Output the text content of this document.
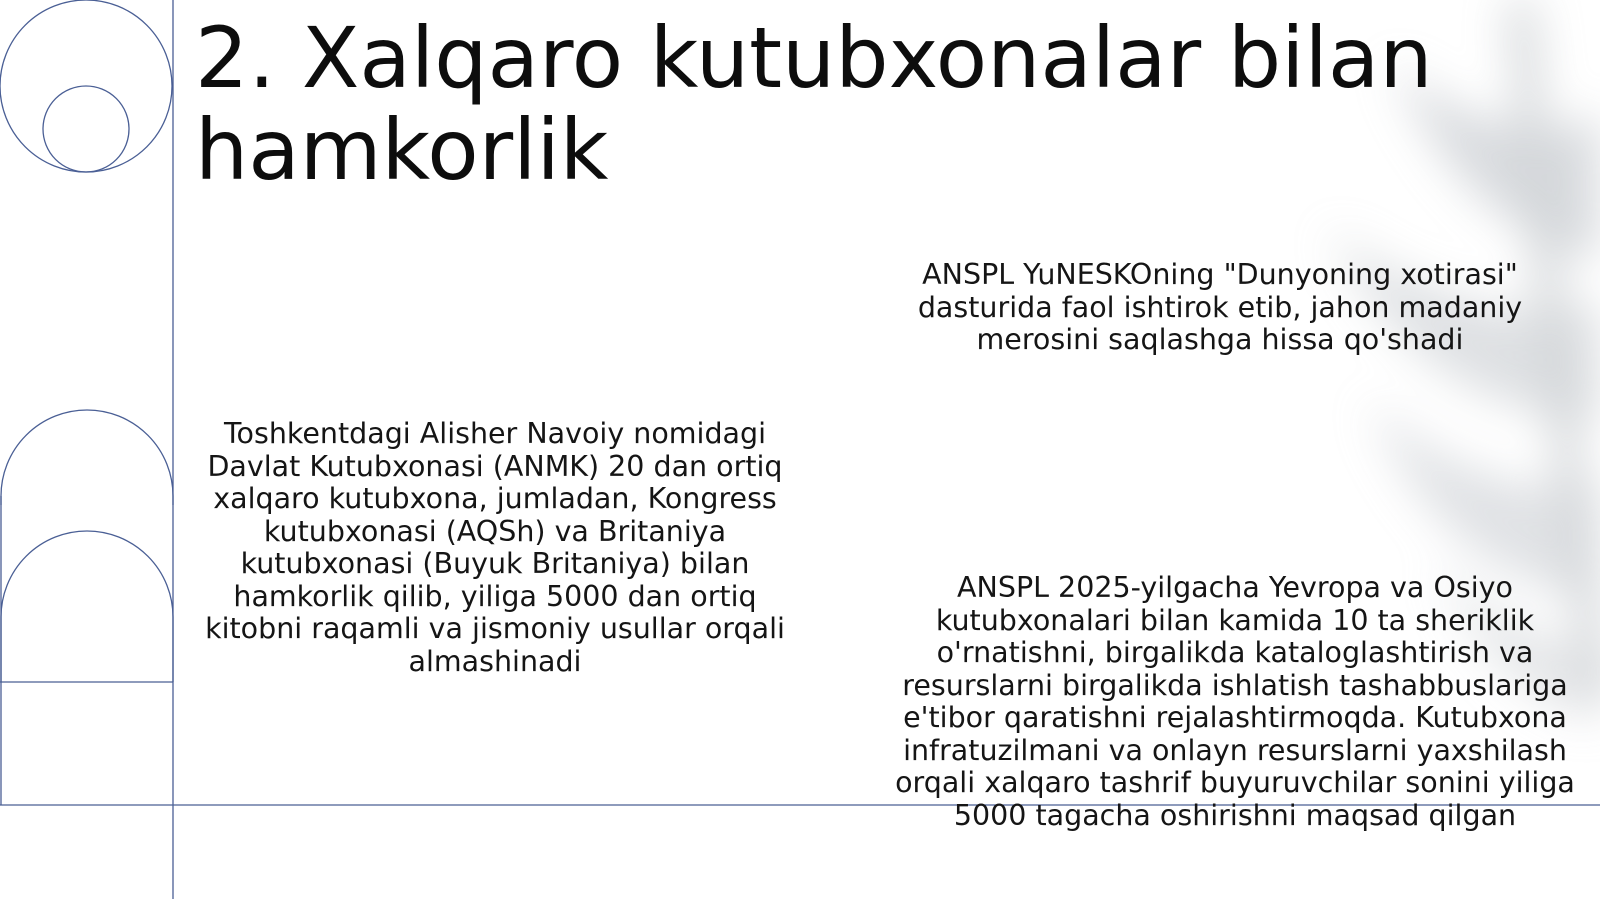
2. Xalqaro kutubxonalar bilan hamkorlik

ANSPL YuNESKOning "Dunyoning xotirasi" dasturida faol ishtirok etib, jahon madaniy merosini saqlashga hissa qo'shadi

Toshkentdagi Alisher Navoiy nomidagi Davlat Kutubxonasi (ANMK) 20 dan ortiq xalqaro kutubxona, jumladan, Kongress kutubxonasi (AQSh) va Britaniya kutubxonasi (Buyuk Britaniya) bilan hamkorlik qilib, yiliga 5000 dan ortiq kitobni raqamli va jismoniy usullar orqali almashinadi

ANSPL 2025-yilgacha Yevropa va Osiyo kutubxonalari bilan kamida 10 ta sheriklik o'rnatishni, birgalikda kataloglashtirish va resurslarni birgalikda ishlatish tashabbuslariga e'tibor qaratishni rejalashtirmoqda. Kutubxona infratuzilmani va onlayn resurslarni yaxshilash orqali xalqaro tashrif buyuruvchilar sonini yiliga 5000 tagacha oshirishni maqsad qilgan
